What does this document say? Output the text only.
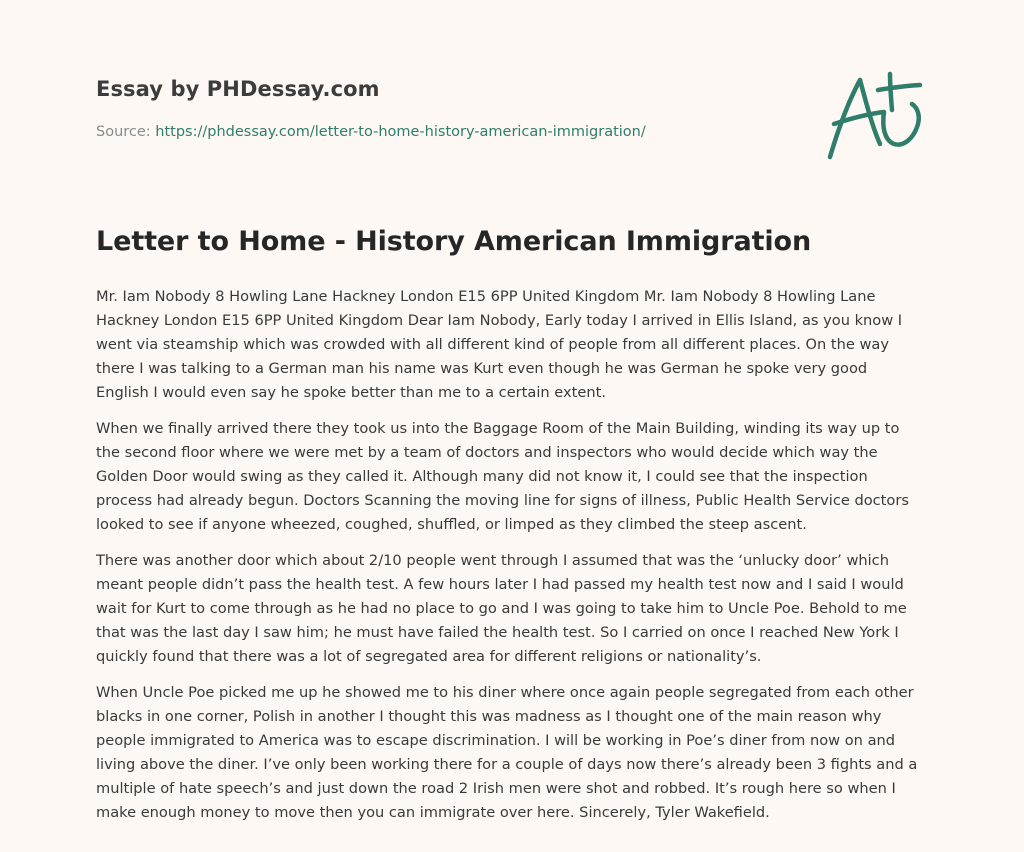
Essay by PHDessay.com
Source: https://phdessay.com/letter-to-home-history-american-immigration/
Letter to Home - History American Immigration

Mr. Iam Nobody 8 Howling Lane Hackney London E15 6PP United Kingdom Mr. Iam Nobody 8 Howling Lane Hackney London E15 6PP United Kingdom Dear Iam Nobody, Early today I arrived in Ellis Island, as you know I went via steamship which was crowded with all different kind of people from all different places. On the way there I was talking to a German man his name was Kurt even though he was German he spoke very good English I would even say he spoke better than me to a certain extent.

When we finally arrived there they took us into the Baggage Room of the Main Building, winding its way up to the second floor where we were met by a team of doctors and inspectors who would decide which way the Golden Door would swing as they called it. Although many did not know it, I could see that the inspection process had already begun. Doctors Scanning the moving line for signs of illness, Public Health Service doctors looked to see if anyone wheezed, coughed, shuffled, or limped as they climbed the steep ascent.

There was another door which about 2/10 people went through I assumed that was the ‘unlucky door’ which meant people didn’t pass the health test. A few hours later I had passed my health test now and I said I would wait for Kurt to come through as he had no place to go and I was going to take him to Uncle Poe. Behold to me that was the last day I saw him; he must have failed the health test. So I carried on once I reached New York I quickly found that there was a lot of segregated area for different religions or nationality’s.

When Uncle Poe picked me up he showed me to his diner where once again people segregated from each other blacks in one corner, Polish in another I thought this was madness as I thought one of the main reason why people immigrated to America was to escape discrimination. I will be working in Poe’s diner from now on and living above the diner. I’ve only been working there for a couple of days now there’s already been 3 fights and a multiple of hate speech’s and just down the road 2 Irish men were shot and robbed. It’s rough here so when I make enough money to move then you can immigrate over here. Sincerely, Tyler Wakefield.
